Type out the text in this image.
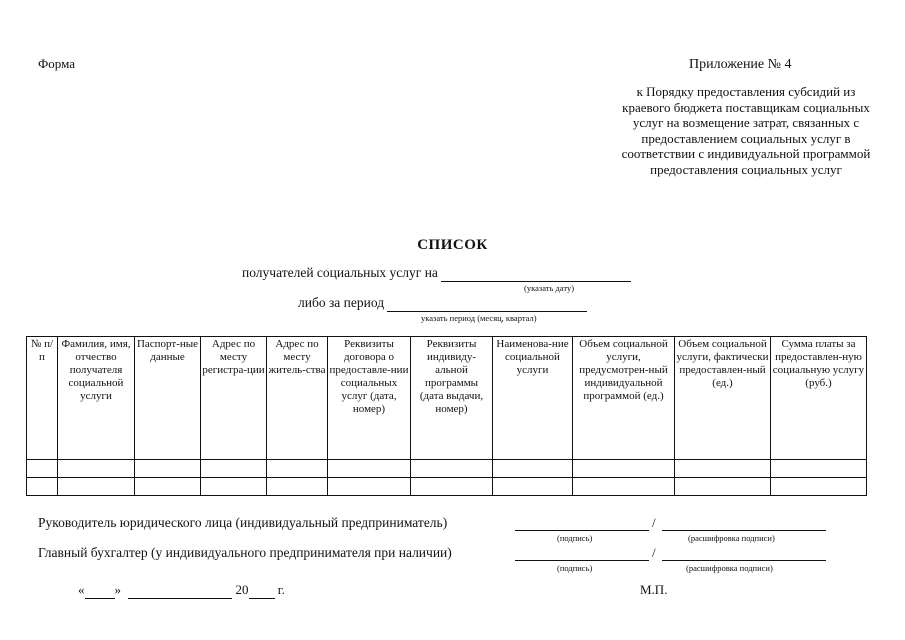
Форма	Приложение № 4
к Порядку предоставления субсидий из краевого бюджета поставщикам социальных услуг на возмещение затрат, связанных с предоставлением социальных услуг в соответствии с индивидуальной программой предоставления социальных услуг
СПИСОК
получателей социальных услуг на
(указать дату)
либо за период
указать период (месяц, квартал)
№ п/п	Фамилия, имя, отчество получателя социальной услуги	Паспорт-ные данные	Адрес по месту регистра-ции	Адрес по месту житель-ства	Реквизиты договора о предоставле-нии социальных услуг (дата, номер)	Реквизиты индивиду-альной программы (дата выдачи, номер)	Наименова-ние социальной услуги	Объем социальной услуги, предусмотрен-ный индивидуальной программой (ед.)	Объем социальной услуги, фактически предоставлен-ный (ед.)	Сумма платы за предоставлен-ную социальную услугу (руб.)

Руководитель юридического лица (индивидуальный предприниматель)	/
(подпись)	(расшифровка подписи)
Главный бухгалтер (у индивидуального предпринимателя при наличии)	/
(подпись)	(расшифровка подписи)
« »	20 г.	М.П.
